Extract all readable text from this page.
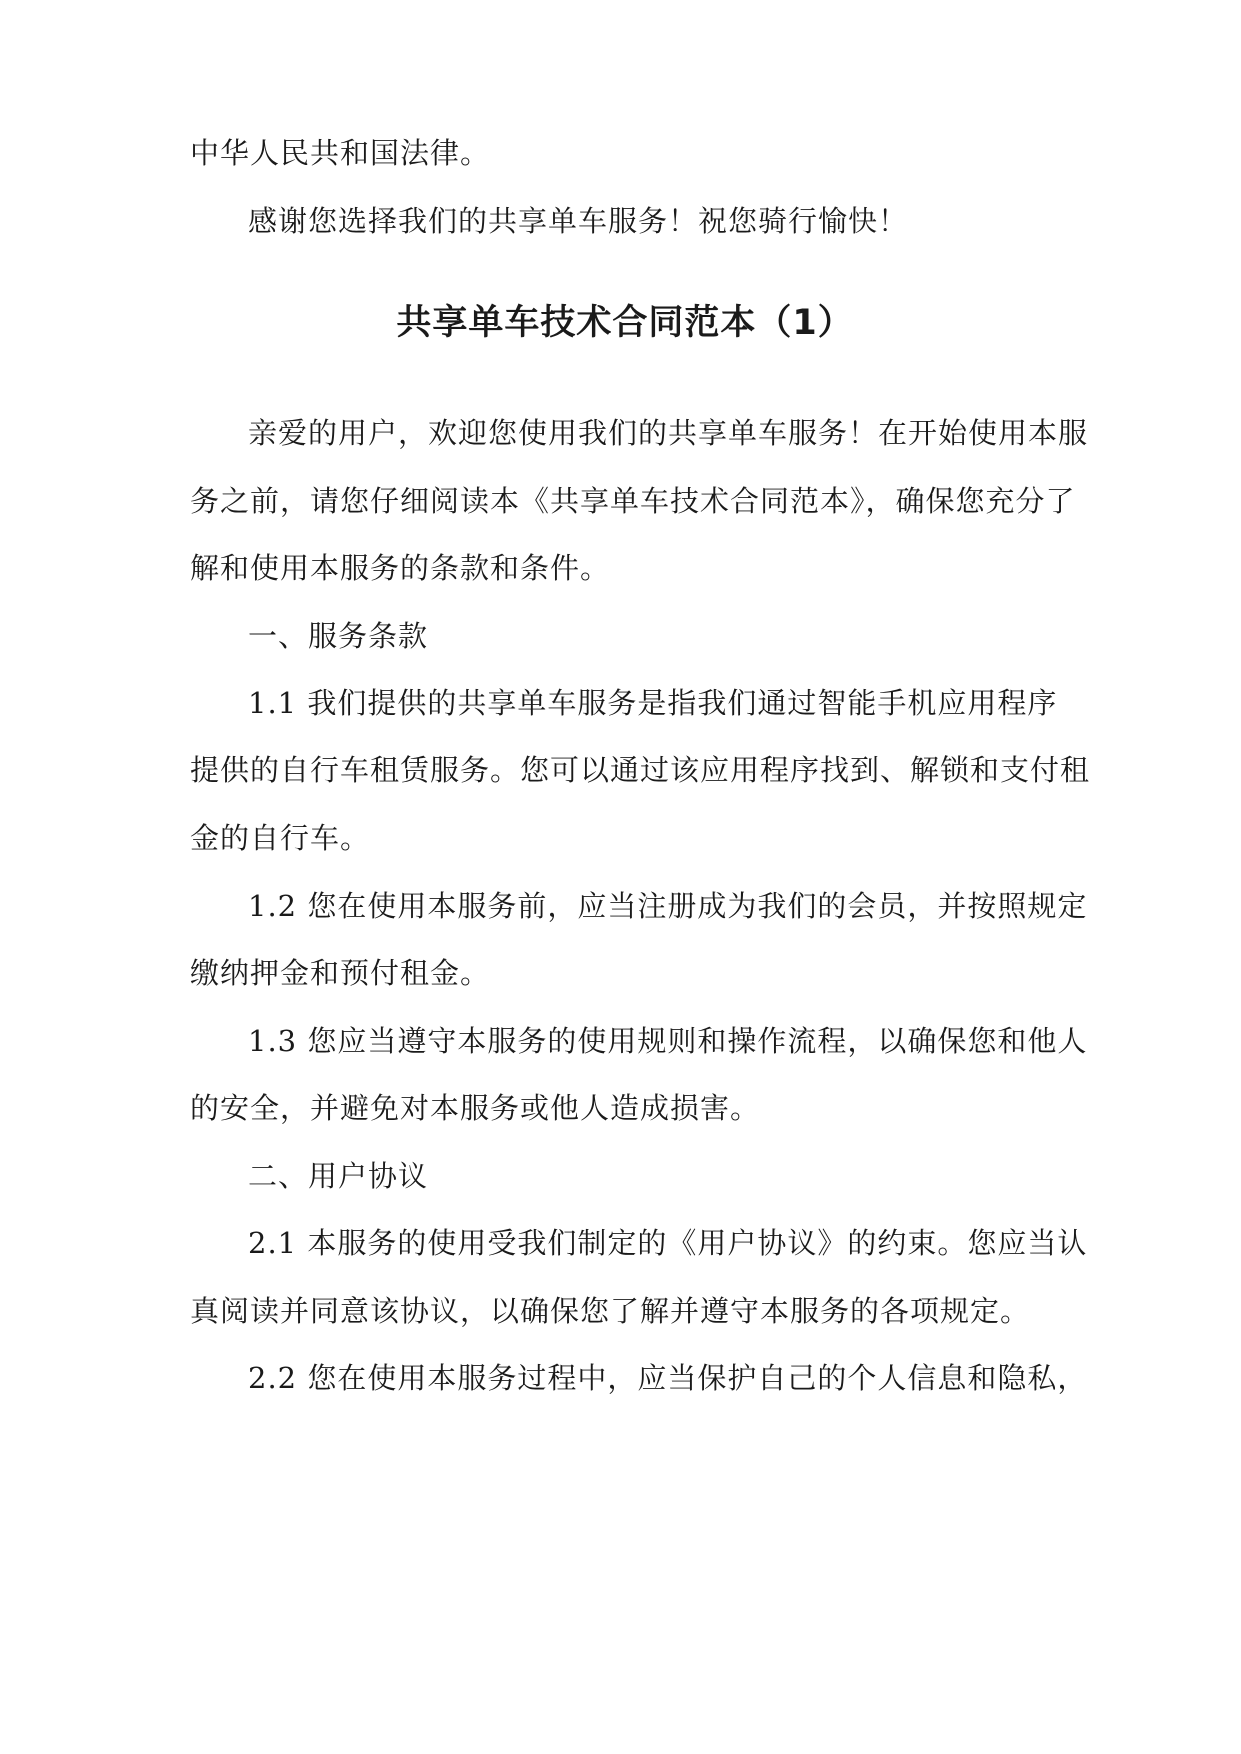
中华人民共和国法律。
感谢您选择我们的共享单车服务！祝您骑行愉快！
共享单车技术合同范本（1）
亲爱的用户，欢迎您使用我们的共享单车服务！在开始使用本服
务之前，请您仔细阅读本《共享单车技术合同范本》，确保您充分了
解和使用本服务的条款和条件。
一、服务条款
1.1 我们提供的共享单车服务是指我们通过智能手机应用程序
提供的自行车租赁服务。您可以通过该应用程序找到、解锁和支付租
金的自行车。
1.2 您在使用本服务前，应当注册成为我们的会员，并按照规定
缴纳押金和预付租金。
1.3 您应当遵守本服务的使用规则和操作流程，以确保您和他人
的安全，并避免对本服务或他人造成损害。
二、用户协议
2.1 本服务的使用受我们制定的《用户协议》的约束。您应当认
真阅读并同意该协议，以确保您了解并遵守本服务的各项规定。
2.2 您在使用本服务过程中，应当保护自己的个人信息和隐私，
